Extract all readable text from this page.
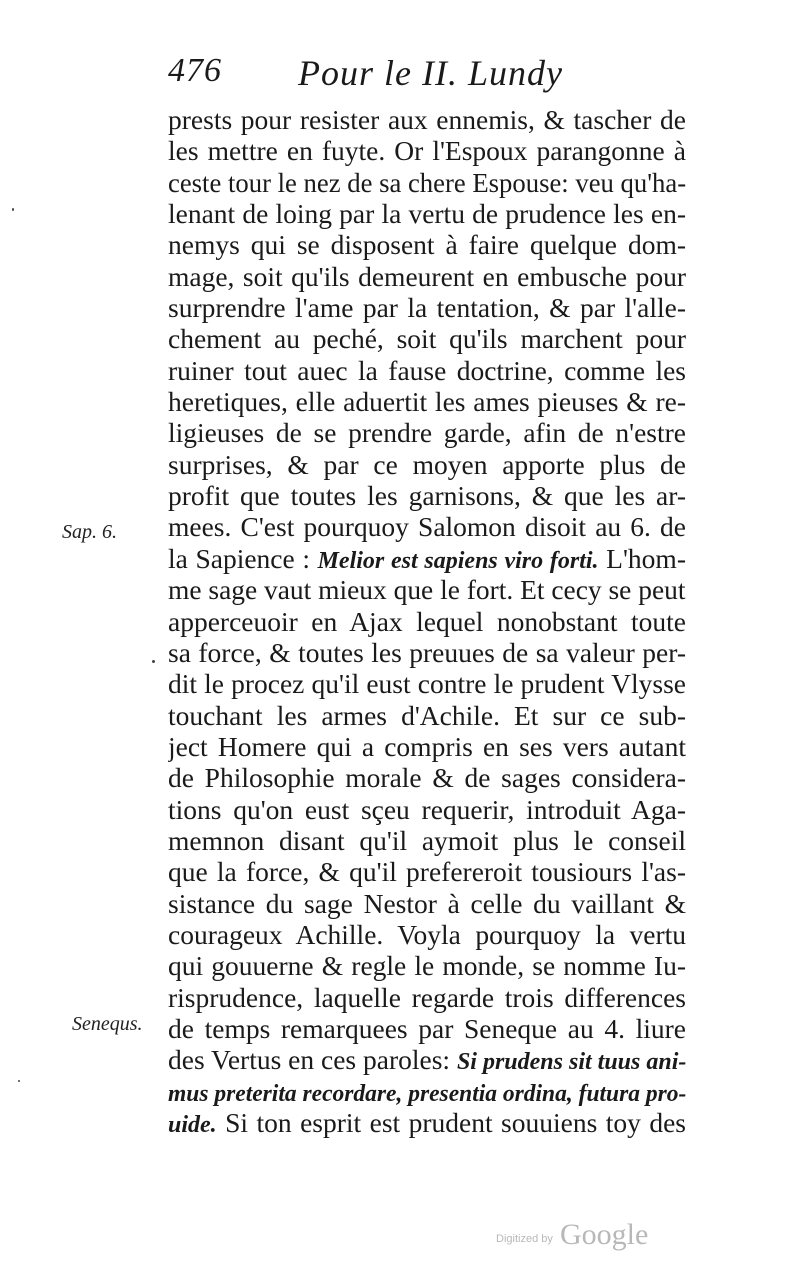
476 Pour le II. Lundy
Sap. 6.
Senequs.
prests pour resister aux ennemis, & tascher de
les mettre en fuyte. Or l'Espoux parangonne à
ceste tour le nez de sa chere Espouse: veu qu'ha-
lenant de loing par la vertu de prudence les en-
nemys qui se disposent à faire quelque dom-
mage, soit qu'ils demeurent en embusche pour
surprendre l'ame par la tentation, & par l'alle-
chement au peché, soit qu'ils marchent pour
ruiner tout auec la fause doctrine, comme les
heretiques, elle aduertit les ames pieuses & re-
ligieuses de se prendre garde, afin de n'estre
surprises, & par ce moyen apporte plus de
profit que toutes les garnisons, & que les ar-
mees. C'est pourquoy Salomon disoit au 6. de
la Sapience : Melior est sapiens viro forti. L'hom-
me sage vaut mieux que le fort. Et cecy se peut
apperceuoir en Ajax lequel nonobstant toute
sa force, & toutes les preuues de sa valeur per-
dit le procez qu'il eust contre le prudent Vlysse
touchant les armes d'Achile. Et sur ce sub-
ject Homere qui a compris en ses vers autant
de Philosophie morale & de sages considera-
tions qu'on eust sçeu requerir, introduit Aga-
memnon disant qu'il aymoit plus le conseil
que la force, & qu'il prefereroit tousiours l'as-
sistance du sage Nestor à celle du vaillant &
courageux Achille. Voyla pourquoy la vertu
qui gouuerne & regle le monde, se nomme Iu-
risprudence, laquelle regarde trois differences
de temps remarquees par Seneque au 4. liure
des Vertus en ces paroles: Si prudens sit tuus ani-
mus preterita recordare, presentia ordina, futura pro-
uide. Si ton esprit est prudent souuiens toy des
Digitized by Google
